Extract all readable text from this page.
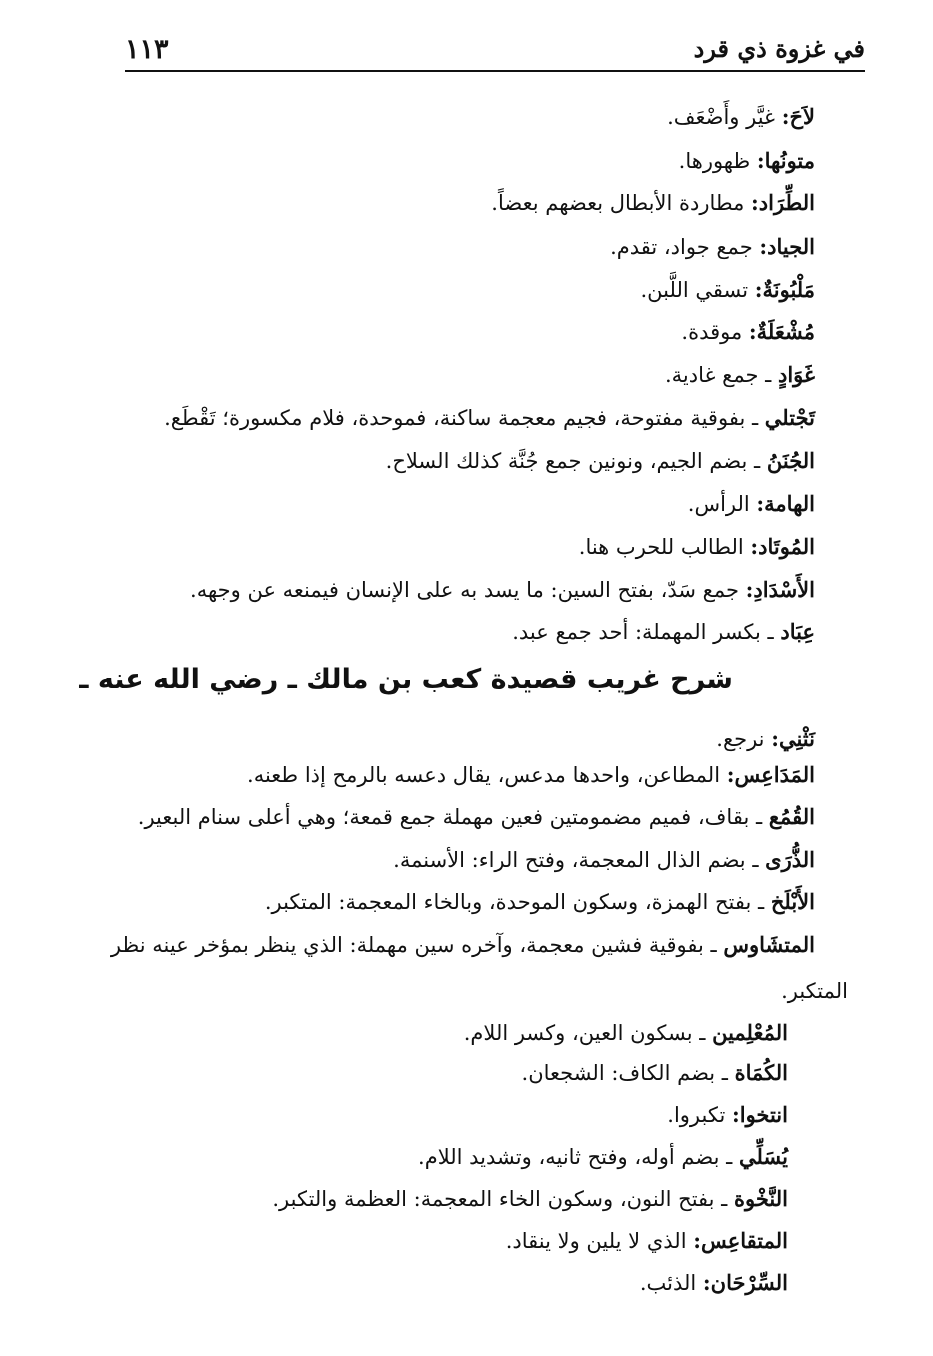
١١٣	في غزوة ذي قرد
لاَحَ: غيَّر وأَضْعَف.
متونُها: ظهورها.
الطِّرَاد: مطاردة الأبطال بعضهم بعضاً.
الجياد: جمع جواد، تقدم.
مَلْبُونَةٌ: تسقي اللَّبن.
مُشْعَلَةٌ: موقدة.
غَوَادٍ ـ جمع غادية.
تَجْتلي ـ بفوقية مفتوحة، فجيم معجمة ساكنة، فموحدة، فلام مكسورة؛ تَقْطَع.
الجُنَنُ ـ بضم الجيم، ونونين جمع جُنَّة كذلك السلاح.
الهامة: الرأس.
المُوتَاد: الطالب للحرب هنا.
الأَسْدَادِ: جمع سَدّ، بفتح السين: ما يسد به على الإنسان فيمنعه عن وجهه.
عِبَاد ـ بكسر المهملة: أحد جمع عبد.
شرح غريب قصيدة كعب بن مالك ـ رضي الله عنه ـ
نَثْنِي: نرجع.
المَدَاعِس: المطاعن، واحدها مدعس، يقال دعسه بالرمح إذا طعنه.
القُمُع ـ بقاف، فميم مضمومتين فعين مهملة جمع قمعة؛ وهي أعلى سنام البعير.
الذُّرَى ـ بضم الذال المعجمة، وفتح الراء: الأسنمة.
الأَبْلَخ ـ بفتح الهمزة، وسكون الموحدة، وبالخاء المعجمة: المتكبر.
المتشَاوس ـ بفوقية فشين معجمة، وآخره سين مهملة: الذي ينظر بمؤخر عينه نظر
المتكبر.
المُعْلِمين ـ بسكون العين، وكسر اللام.
الكُمَاة ـ بضم الكاف: الشجعان.
انتخوا: تكبروا.
يُسَلِّي ـ بضم أوله، وفتح ثانيه، وتشديد اللام.
النَّخْوة ـ بفتح النون، وسكون الخاء المعجمة: العظمة والتكبر.
المتقاعِس: الذي لا يلين ولا ينقاد.
السِّرْحَان: الذئب.
